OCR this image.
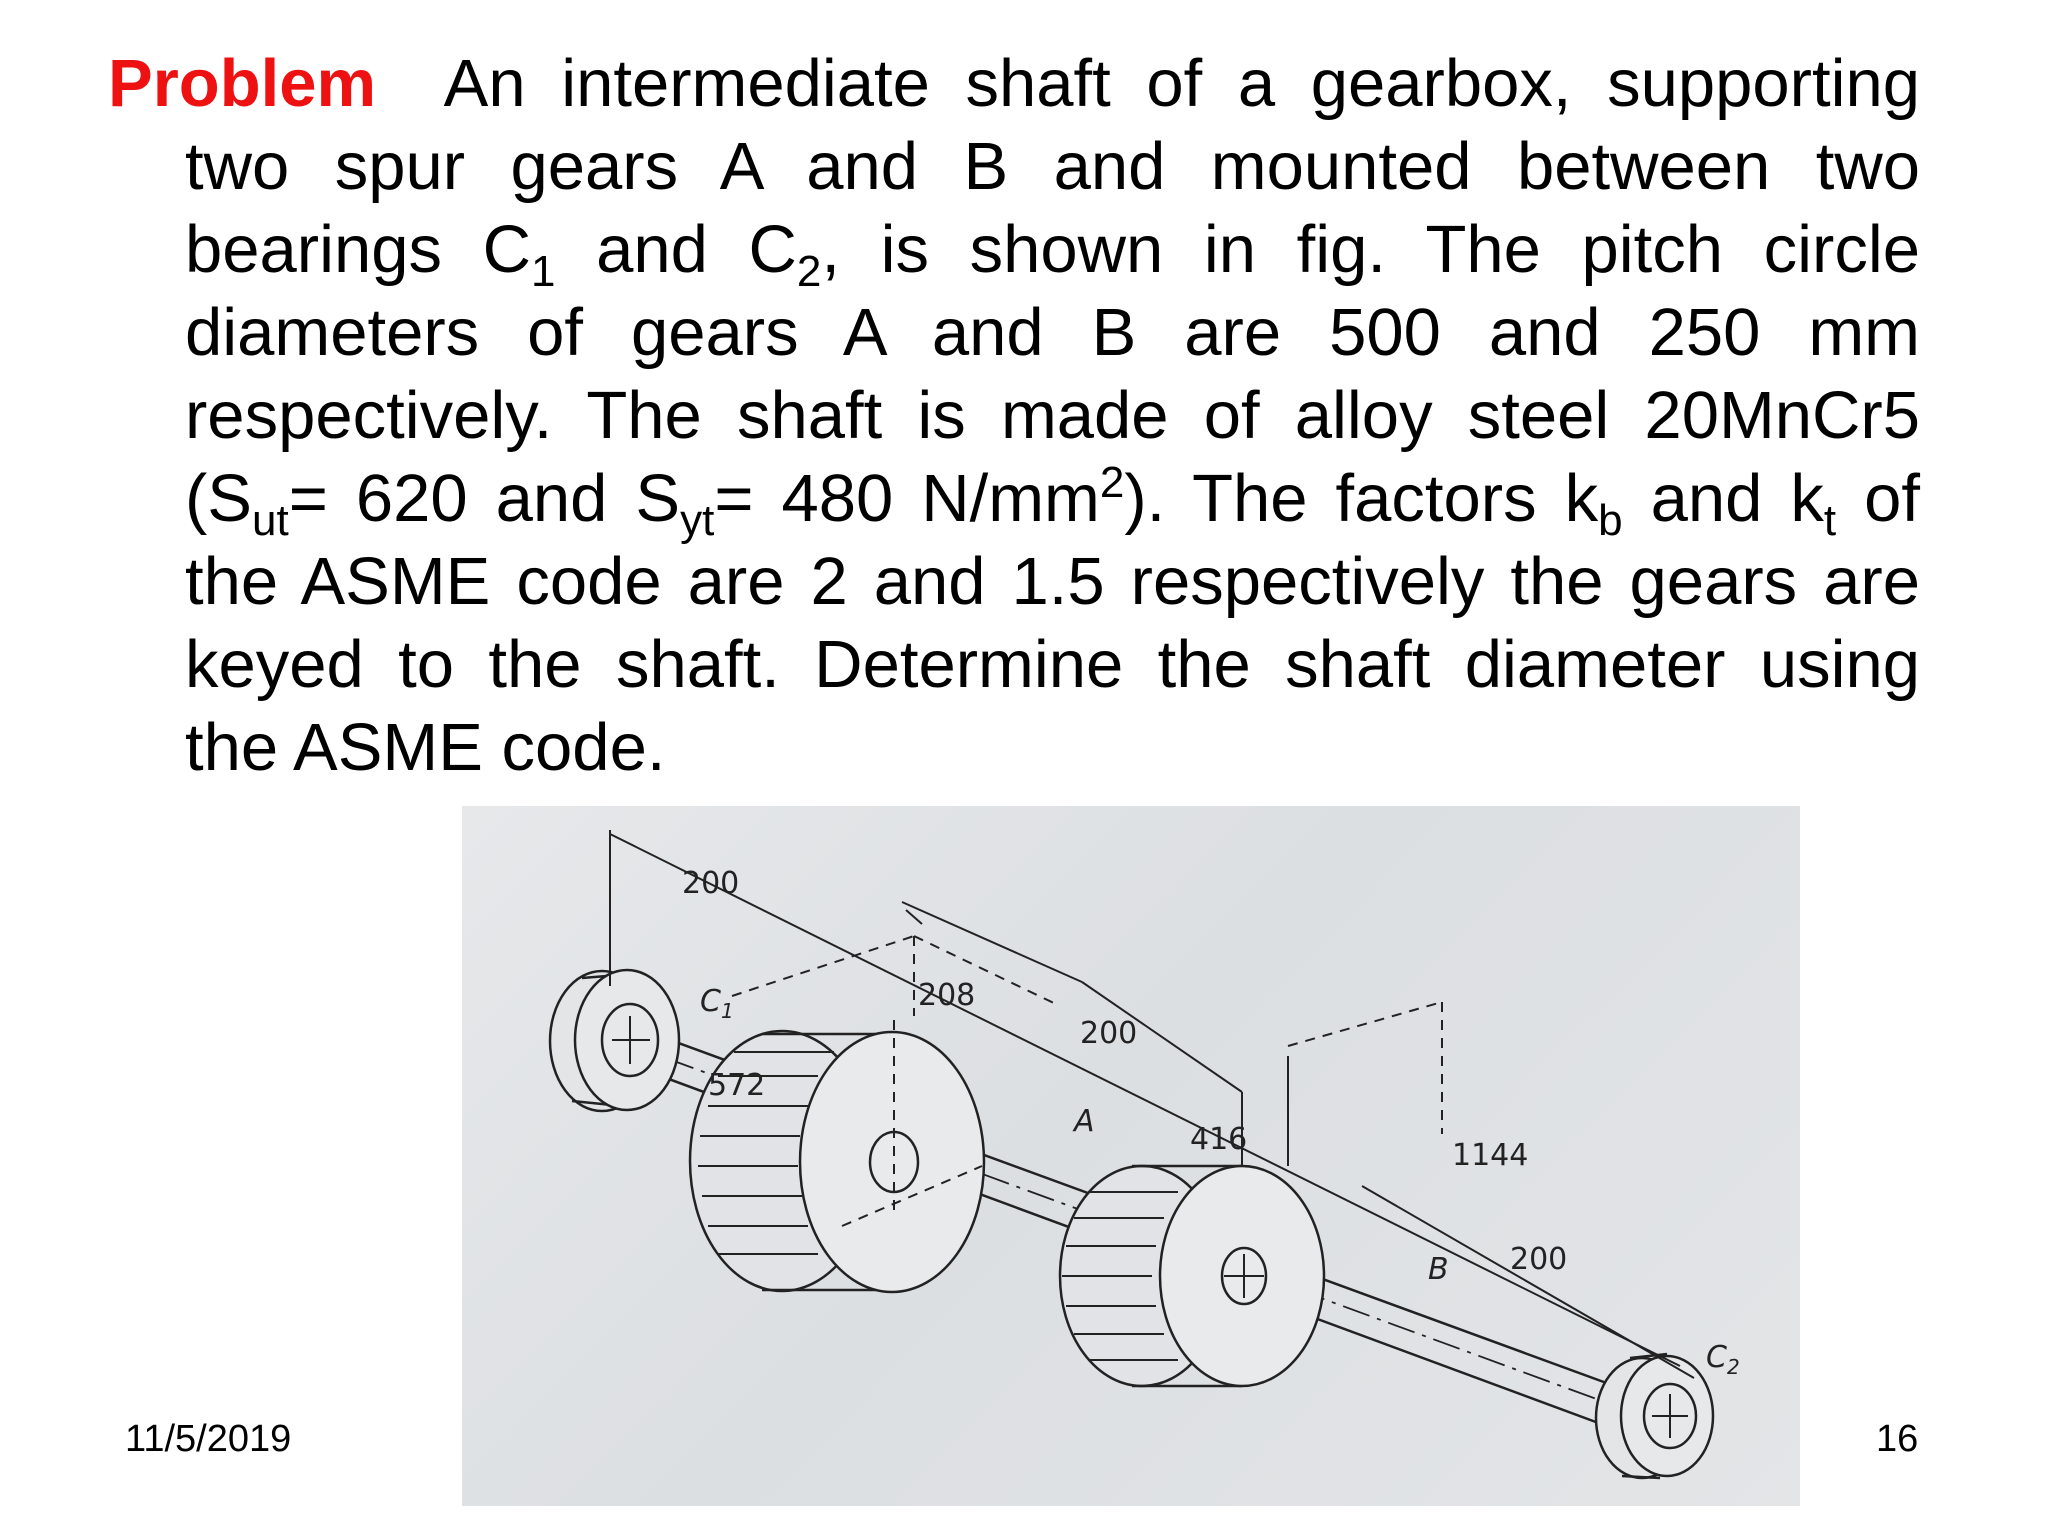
Problem An intermediate shaft of a gearbox, supporting
two spur gears A and B and mounted between two
bearings $C_1$ and $C_2$, is shown in fig. The pitch circle
diameters of gears A and B are 500 and 250 mm
respectively. The shaft is made of alloy steel 20MnCr5
($S_{ut}= 620$ and $S_{yt}= 480$ $N/mm^2$). The factors $k_b$ and $k_t$ of
the ASME code are 2 and 1.5 respectively the gears are
keyed to the shaft. Determine the shaft diameter using
the ASME code.
200
$C_1$	208
200
572
A
416	1144
B 200
$C_2$
11/5/2019	16
